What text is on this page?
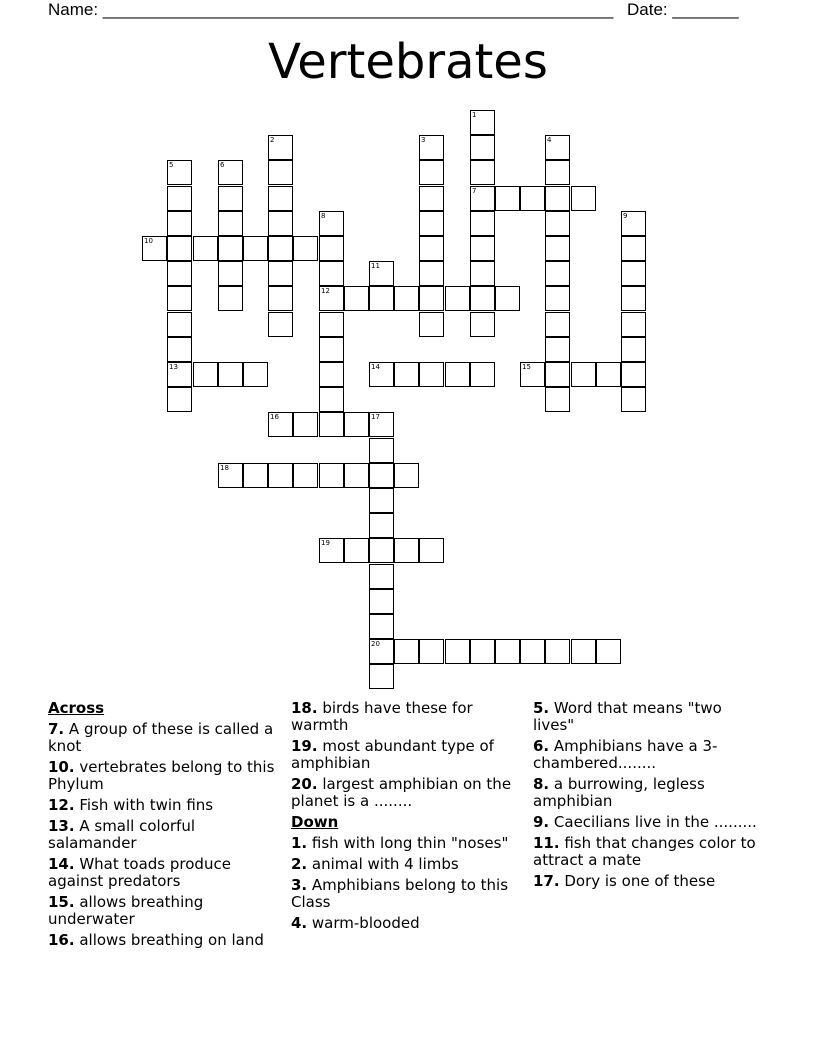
Name: ______________________________________________________ Date: _______
Vertebrates
1
7
2	3	4
5
13
6
8
12
9
10
11
14	15
16	17
20
18
19
Across
7. A group of these is called a knot
10. vertebrates belong to this Phylum
12. Fish with twin fins
13. A small colorful salamander
14. What toads produce against predators
15. allows breathing underwater
16. allows breathing on land
18. birds have these for warmth
19. most abundant type of amphibian
20. largest amphibian on the planet is a ........
Down
1. fish with long thin "noses"
2. animal with 4 limbs
3. Amphibians belong to this Class
4. warm-blooded
5. Word that means "two lives"
6. Amphibians have a 3-chambered........
8. a burrowing, legless amphibian
9. Caecilians live in the .........
11. fish that changes color to attract a mate
17. Dory is one of these
